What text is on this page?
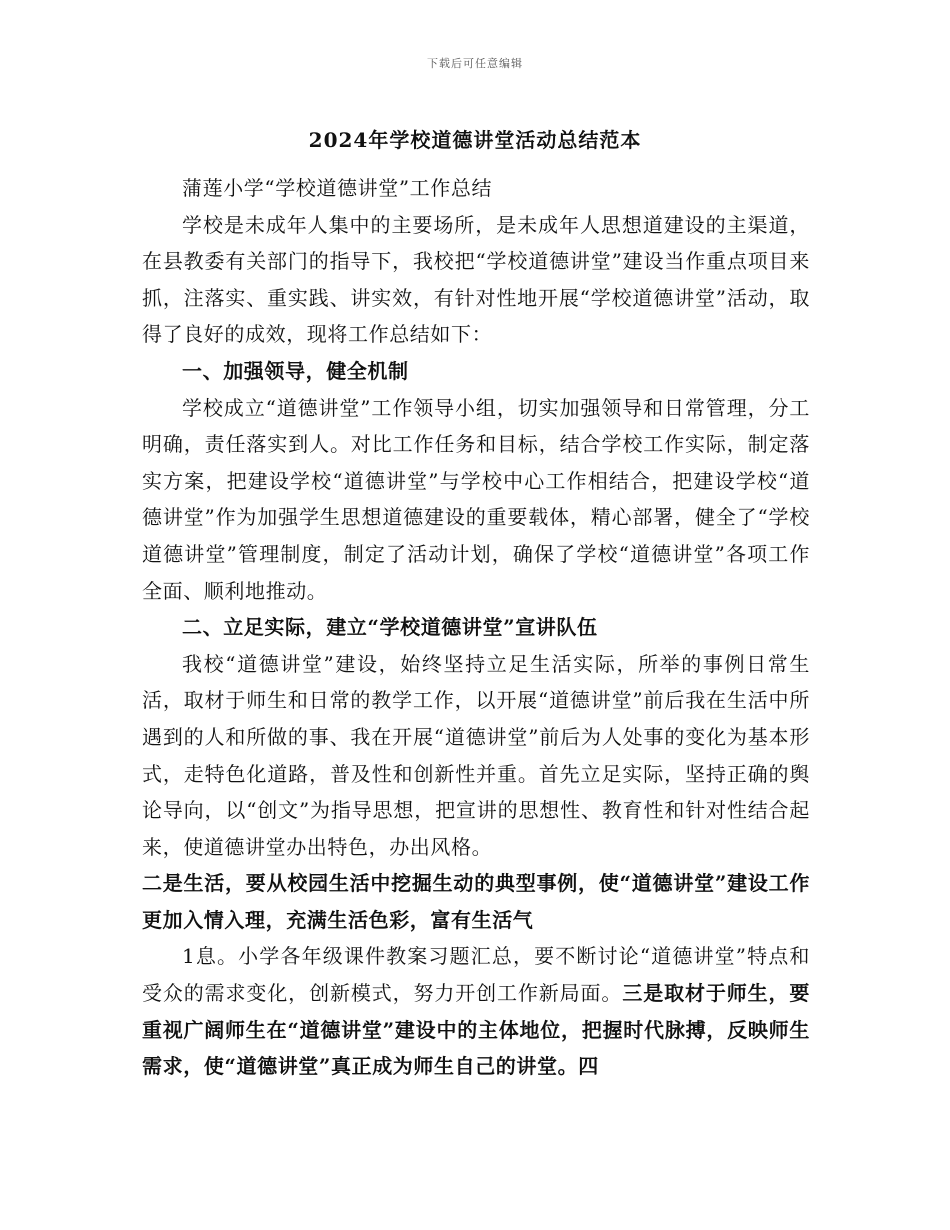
下载后可任意编辑
2024年学校道德讲堂活动总结范本

蒲莲小学“学校道德讲堂”工作总结

学校是未成年人集中的主要场所，是未成年人思想道建设的主渠道，在县教委有关部门的指导下，我校把“学校道德讲堂”建设当作重点项目来抓，注落实、重实践、讲实效，有针对性地开展“学校道德讲堂”活动，取得了良好的成效，现将工作总结如下：

一、加强领导，健全机制

学校成立“道德讲堂”工作领导小组，切实加强领导和日常管理，分工明确，责任落实到人。对比工作任务和目标，结合学校工作实际，制定落实方案，把建设学校“道德讲堂”与学校中心工作相结合，把建设学校“道德讲堂”作为加强学生思想道德建设的重要载体，精心部署，健全了“学校道德讲堂”管理制度，制定了活动计划，确保了学校“道德讲堂”各项工作全面、顺利地推动。

二、立足实际，建立“学校道德讲堂”宣讲队伍

我校“道德讲堂”建设，始终坚持立足生活实际，所举的事例日常生活，取材于师生和日常的教学工作，以开展“道德讲堂”前后我在生活中所遇到的人和所做的事、我在开展“道德讲堂”前后为人处事的变化为基本形式，走特色化道路，普及性和创新性并重。首先立足实际，坚持正确的舆论导向，以“创文”为指导思想，把宣讲的思想性、教育性和针对性结合起来，使道德讲堂办出特色，办出风格。

二是生活，要从校园生活中挖掘生动的典型事例，使“道德讲堂”建设工作更加入情入理，充满生活色彩，富有生活气

1息。小学各年级课件教案习题汇总，要不断讨论“道德讲堂”特点和受众的需求变化，创新模式，努力开创工作新局面。三是取材于师生，要重视广阔师生在“道德讲堂”建设中的主体地位，把握时代脉搏，反映师生需求，使“道德讲堂”真正成为师生自己的讲堂。四
